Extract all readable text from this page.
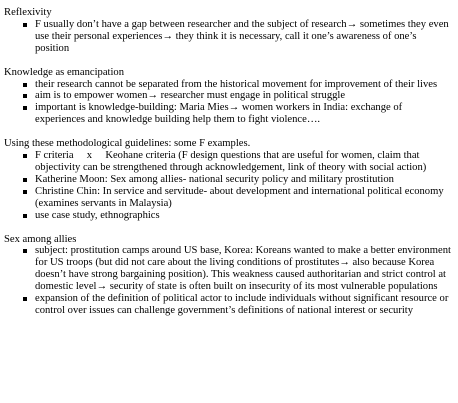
Reflexivity
F usually don’t have a gap between researcher and the subject of research→ sometimes they even use their personal experiences→ they think it is necessary, call it one’s awareness of one’s position
Knowledge as emancipation
their research cannot be separated from the historical movement for improvement of their lives
aim is to empower women→ researcher must engage in political struggle
important is knowledge-building: Maria Mies→ women workers in India: exchange of experiences and knowledge building help them to fight violence….
Using these methodological guidelines: some F examples.
F criteria     x     Keohane criteria (F design questions that are useful for women, claim that objectivity can be strengthened through acknowledgement, link of theory with social action)
Katherine Moon: Sex among allies- national security policy and military prostitution
Christine Chin: In service and servitude- about development and international political economy (examines servants in Malaysia)
use case study, ethnographics
Sex among allies
subject: prostitution camps around US base, Korea: Koreans wanted to make a better environment for US troops (but did not care about the living conditions of prostitutes→ also because Korea doesn’t have strong bargaining position). This weakness caused authoritarian and strict control at domestic level→ security of state is often built on insecurity of its most vulnerable populations
expansion of the definition of political actor to include individuals without significant resource or control over issues can challenge government’s definitions of national interest or security
